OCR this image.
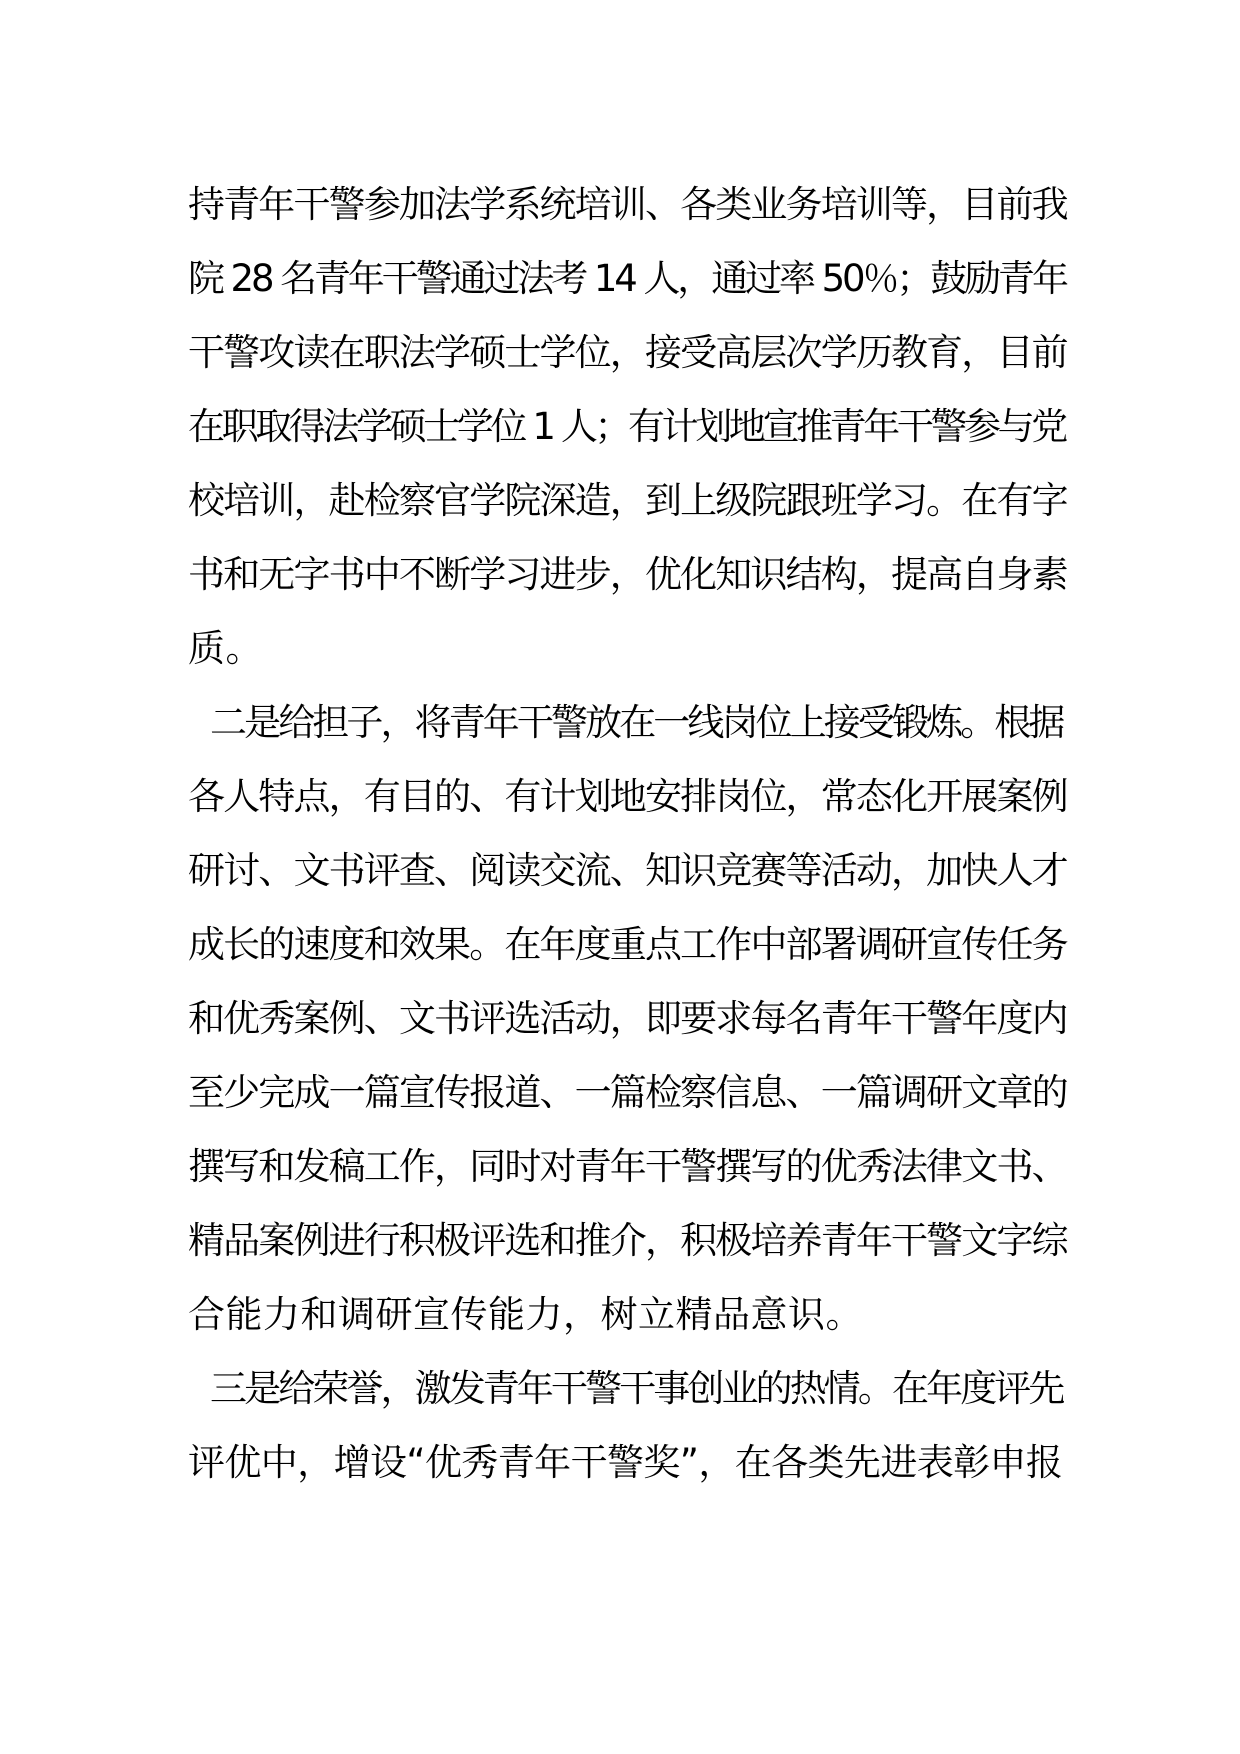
持青年干警参加法学系统培训、各类业务培训等，目前我
院 28 名青年干警通过法考 14 人，通过率 50％；鼓励青年
干警攻读在职法学硕士学位，接受高层次学历教育，目前
在职取得法学硕士学位 1 人；有计划地宣推青年干警参与党
校培训，赴检察官学院深造，到上级院跟班学习。在有字
书和无字书中不断学习进步，优化知识结构，提高自身素
质。
二是给担子，将青年干警放在一线岗位上接受锻炼。根据
各人特点，有目的、有计划地安排岗位，常态化开展案例
研讨、文书评查、阅读交流、知识竞赛等活动，加快人才
成长的速度和效果。在年度重点工作中部署调研宣传任务
和优秀案例、文书评选活动，即要求每名青年干警年度内
至少完成一篇宣传报道、一篇检察信息、一篇调研文章的
撰写和发稿工作，同时对青年干警撰写的优秀法律文书、
精品案例进行积极评选和推介，积极培养青年干警文字综
合能力和调研宣传能力，树立精品意识。
三是给荣誉，激发青年干警干事创业的热情。在年度评先
评优中，增设“优秀青年干警奖”，在各类先进表彰申报
